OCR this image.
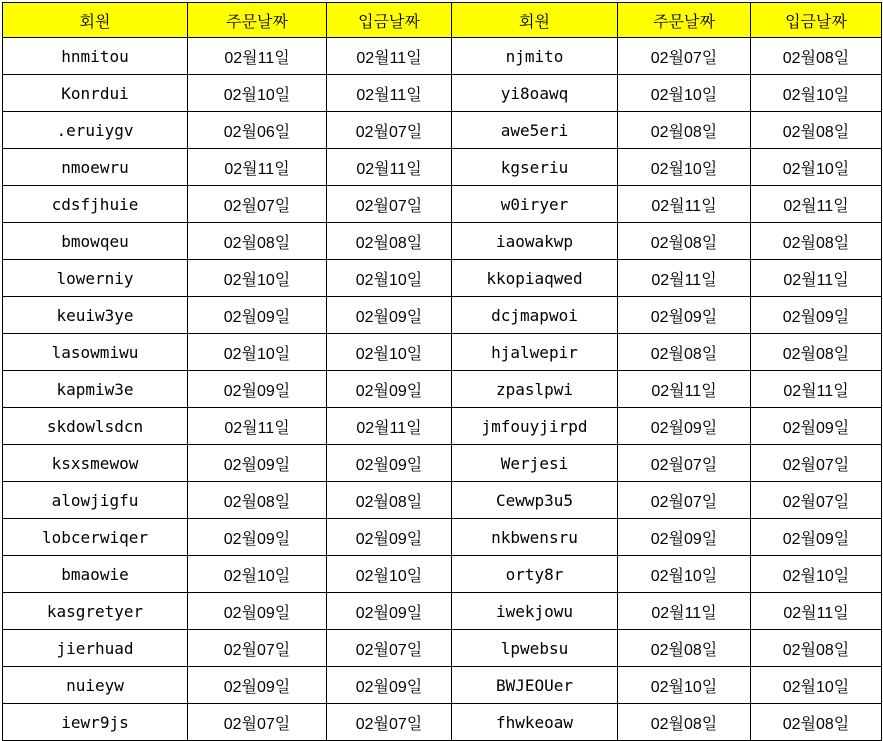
회원	주문날짜	입금날짜	회원	주문날짜	입금날짜
hnmitou	02월11일	02월11일	njmito	02월07일	02월08일
Konrdui	02월10일	02월11일	yi8oawq	02월10일	02월10일
.eruiygv	02월06일	02월07일	awe5eri	02월08일	02월08일
nmoewru	02월11일	02월11일	kgseriu	02월10일	02월10일
cdsfjhuie	02월07일	02월07일	w0iryer	02월11일	02월11일
bmowqeu	02월08일	02월08일	iaowakwp	02월08일	02월08일
lowerniy	02월10일	02월10일	kkopiaqwed	02월11일	02월11일
keuiw3ye	02월09일	02월09일	dcjmapwoi	02월09일	02월09일
lasowmiwu	02월10일	02월10일	hjalwepir	02월08일	02월08일
kapmiw3e	02월09일	02월09일	zpaslpwi	02월11일	02월11일
skdowlsdcn	02월11일	02월11일	jmfouyjirpd	02월09일	02월09일
ksxsmewow	02월09일	02월09일	Werjesi	02월07일	02월07일
alowjigfu	02월08일	02월08일	Cewwp3u5	02월07일	02월07일
lobcerwiqer	02월09일	02월09일	nkbwensru	02월09일	02월09일
bmaowie	02월10일	02월10일	orty8r	02월10일	02월10일
kasgretyer	02월09일	02월09일	iwekjowu	02월11일	02월11일
jierhuad	02월07일	02월07일	lpwebsu	02월08일	02월08일
nuieyw	02월09일	02월09일	BWJEOUer	02월10일	02월10일
iewr9js	02월07일	02월07일	fhwkeoaw	02월08일	02월08일
